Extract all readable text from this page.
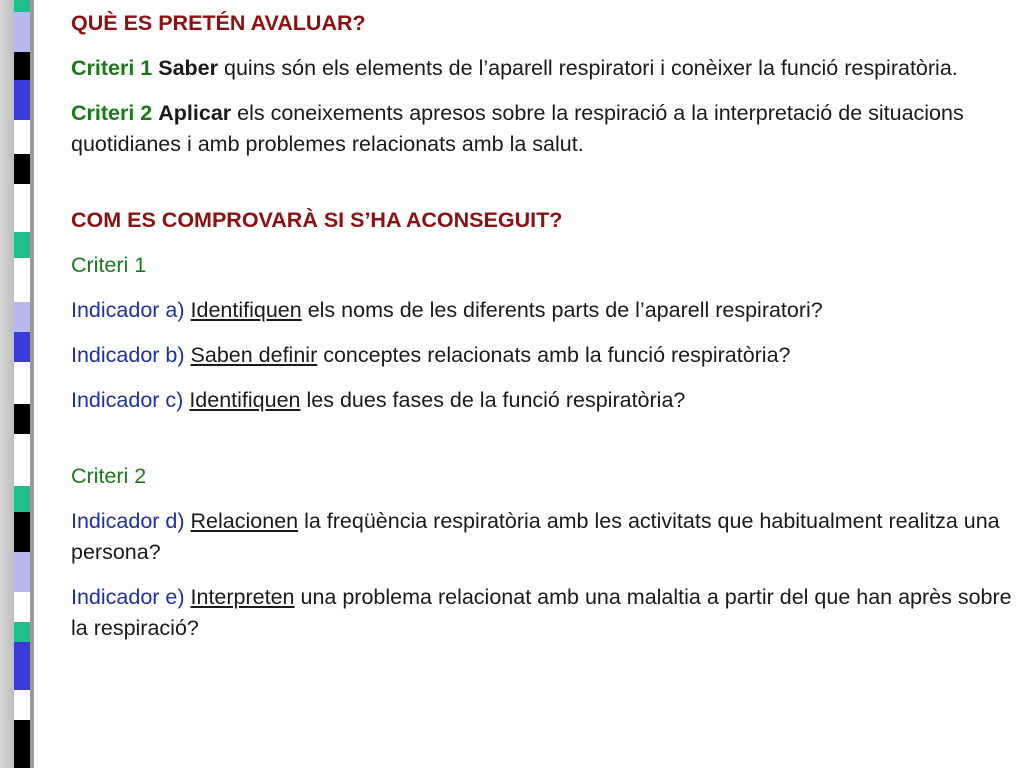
QUÈ ES PRETÉN AVALUAR?

Criteri 1 Saber quins són els elements de l’aparell respiratori i conèixer la funció respiratòria.

Criteri 2 Aplicar els coneixements apresos sobre la respiració a la interpretació de situacions quotidianes i amb problemes relacionats amb la salut.

COM ES COMPROVARÀ SI S’HA ACONSEGUIT?

Criteri 1

Indicador a) Identifiquen els noms de les diferents parts de l’aparell respiratori?

Indicador b) Saben definir conceptes relacionats amb la funció respiratòria?

Indicador c) Identifiquen les dues fases de la funció respiratòria?

Criteri 2

Indicador d) Relacionen la freqüència respiratòria amb les activitats que habitualment realitza una persona?

Indicador e) Interpreten una problema relacionat amb una malaltia a partir del que han après sobre la respiració?
